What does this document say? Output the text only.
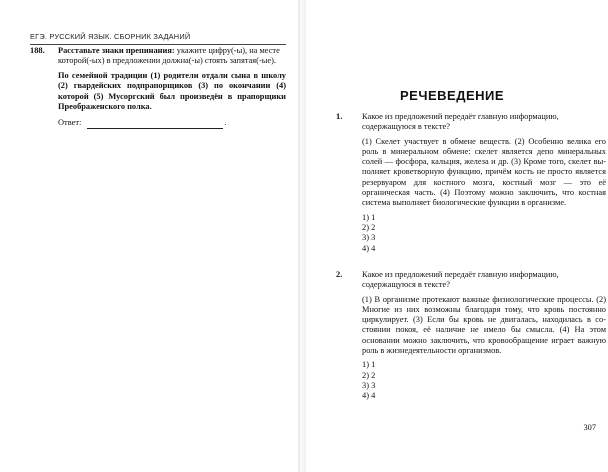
ЕГЭ. РУССКИЙ ЯЗЫК. СБОРНИК ЗАДАНИЙ
188. Расставьте знаки препинания: укажите цифру(-ы), на месте которой(-ых) в предложении должна(-ы) стоять запятая(-ые).
По семейной традиции (1) родители отдали сына в школу (2) гвардейских подпрапорщиков (3) по окончании (4) которой (5) Мусоргский был произведён в прапорщики Преображенского полка.
Ответ:	.
РЕЧЕВЕДЕНИЕ
1. Какое из предложений передаёт главную информацию, содержащуюся в тексте?
(1) Скелет участвует в обмене веществ. (2) Особенно велика его роль в минеральном обмене: скелет является депо минеральных солей — фосфора, кальция, железа и др. (3) Кроме того, скелет выполняет кроветворную функцию, причём кость не просто является резервуаром для костного мозга, костный мозг — это её органическая часть. (4) Поэтому можно заключить, что костная система выполняет биологические функции в организме.
1) 1
2) 2
3) 3
4) 4
2. Какое из предложений передаёт главную информацию, содержащуюся в тексте?
(1) В организме протекают важные физиологические процессы. (2) Многие из них возможны благодаря тому, что кровь постоянно циркулирует. (3) Если бы кровь не двигалась, находилась в состоянии покоя, её наличие не имело бы смысла. (4) На этом основании можно заключить, что кровообращение играет важную роль в жизнедеятельности организмов.
1) 1
2) 2
3) 3
4) 4
307
